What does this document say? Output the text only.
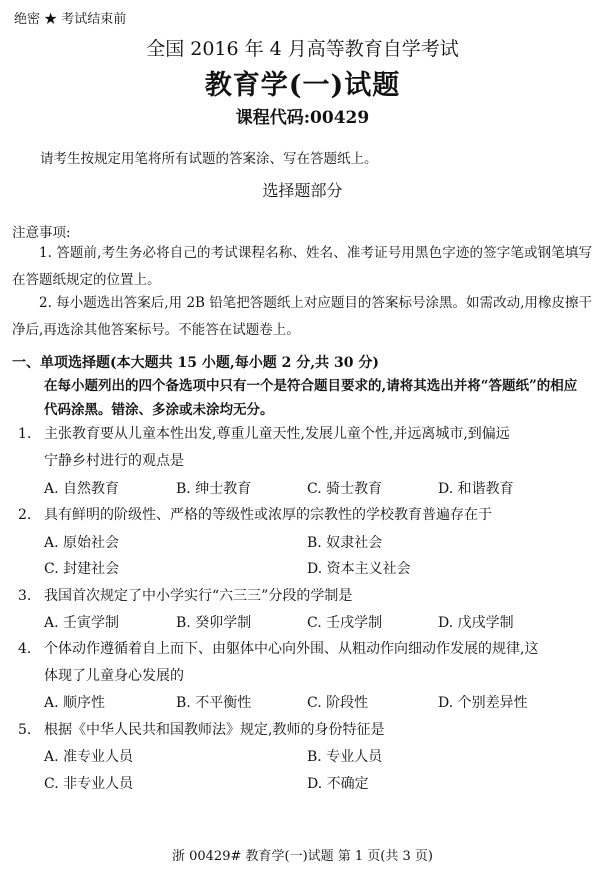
绝密 ★ 考试结束前
全国 2016 年 4 月高等教育自学考试
教育学(一)试题
课程代码:00429
请考生按规定用笔将所有试题的答案涂、写在答题纸上。
选择题部分
注意事项:
1. 答题前,考生务必将自己的考试课程名称、姓名、准考证号用黑色字迹的签字笔或钢笔填写在答题纸规定的位置上。
2. 每小题选出答案后,用 2B 铅笔把答题纸上对应题目的答案标号涂黑。如需改动,用橡皮擦干净后,再选涂其他答案标号。不能答在试题卷上。
一、单项选择题(本大题共 15 小题,每小题 2 分,共 30 分)
在每小题列出的四个备选项中只有一个是符合题目要求的,请将其选出并将“答题纸”的相应代码涂黑。错涂、多涂或未涂均无分。
1. 主张教育要从儿童本性出发,尊重儿童天性,发展儿童个性,并远离城市,到偏远
宁静乡村进行的观点是
A. 自然教育	B. 绅士教育	C. 骑士教育	D. 和谐教育
2. 具有鲜明的阶级性、严格的等级性或浓厚的宗教性的学校教育普遍存在于
A. 原始社会	B. 奴隶社会
C. 封建社会	D. 资本主义社会
3. 我国首次规定了中小学实行“六三三”分段的学制是
A. 壬寅学制	B. 癸卯学制	C. 壬戌学制	D. 戊戌学制
4. 个体动作遵循着自上而下、由躯体中心向外围、从粗动作向细动作发展的规律,这
体现了儿童身心发展的
A. 顺序性	B. 不平衡性	C. 阶段性	D. 个别差异性
5. 根据《中华人民共和国教师法》规定,教师的身份特征是
A. 准专业人员	B. 专业人员
C. 非专业人员	D. 不确定
浙 00429# 教育学(一)试题 第 1 页(共 3 页)
